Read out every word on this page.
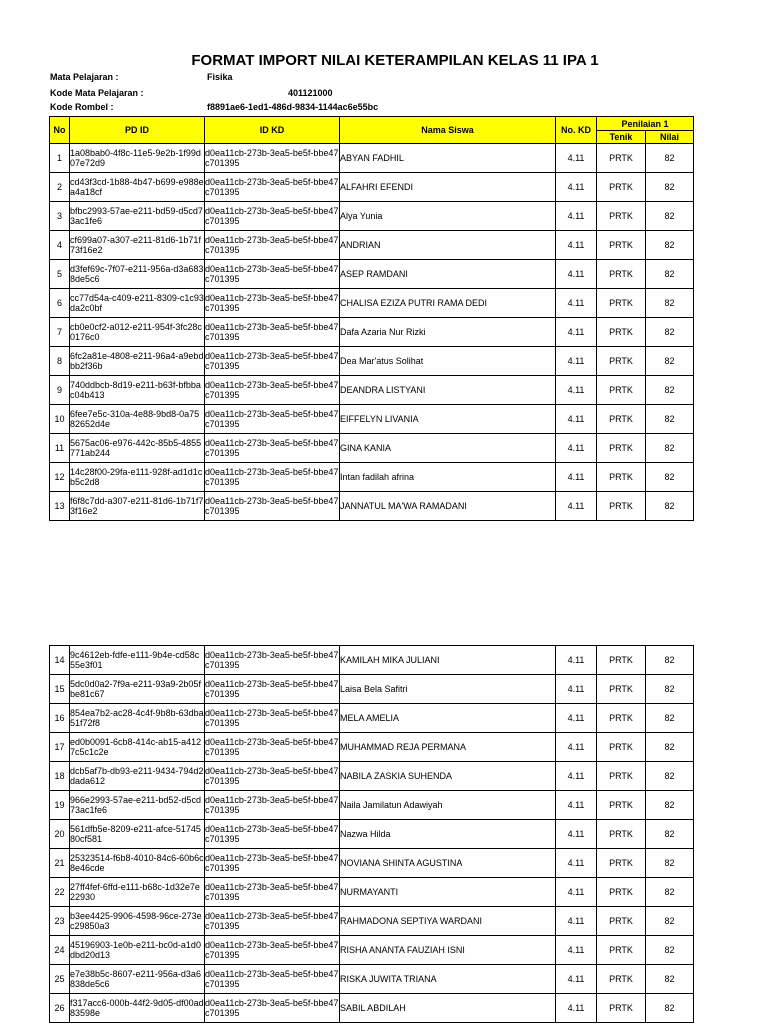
FORMAT IMPORT NILAI KETERAMPILAN KELAS 11 IPA 1
Mata Pelajaran :	Fisika
Kode Mata Pelajaran :	401121000
Kode Rombel :	f8891ae6-1ed1-486d-9834-1144ac6e55bc
No	PD ID	ID KD	Nama Siswa	No. KD	Penilaian 1	
					Tenik	Nilai
1	1a08bab0-4f8c-11e5-9e2b-1f99d07e72d9	d0ea11cb-273b-3ea5-be5f-bbe47c701395	ABYAN FADHIL	4.11	PRTK	82
2	cd43f3cd-1b88-4b47-b699-e988ea4a18cf	d0ea11cb-273b-3ea5-be5f-bbe47c701395	ALFAHRI EFENDI	4.11	PRTK	82
3	bfbc2993-57ae-e211-bd59-d5cd73ac1fe6	d0ea11cb-273b-3ea5-be5f-bbe47c701395	Alya Yunia	4.11	PRTK	82
4	cf699a07-a307-e211-81d6-1b71f73f16e2	d0ea11cb-273b-3ea5-be5f-bbe47c701395	ANDRIAN	4.11	PRTK	82
5	d3fef69c-7f07-e211-956a-d3a6838de5c6	d0ea11cb-273b-3ea5-be5f-bbe47c701395	ASEP RAMDANI	4.11	PRTK	82
6	cc77d54a-c409-e211-8309-c1c93da2c0bf	d0ea11cb-273b-3ea5-be5f-bbe47c701395	CHALISA EZIZA PUTRI RAMA DEDI	4.11	PRTK	82
7	cb0e0cf2-a012-e211-954f-3fc28c0176c0	d0ea11cb-273b-3ea5-be5f-bbe47c701395	Dafa Azaria Nur Rizki	4.11	PRTK	82
8	6fc2a81e-4808-e211-96a4-a9ebdbb2f36b	d0ea11cb-273b-3ea5-be5f-bbe47c701395	Dea Mar'atus Solihat	4.11	PRTK	82
9	740ddbcb-8d19-e211-b63f-bfbbac04b413	d0ea11cb-273b-3ea5-be5f-bbe47c701395	DEANDRA LISTYANI	4.11	PRTK	82
10	6fee7e5c-310a-4e88-9bd8-0a7582652d4e	d0ea11cb-273b-3ea5-be5f-bbe47c701395	EIFFELYN LIVANIA	4.11	PRTK	82
11	5675ac06-e976-442c-85b5-4855771ab244	d0ea11cb-273b-3ea5-be5f-bbe47c701395	GINA KANIA	4.11	PRTK	82
12	14c28f00-29fa-e111-928f-ad1d1cb5c2d8	d0ea11cb-273b-3ea5-be5f-bbe47c701395	Intan fadilah afrina	4.11	PRTK	82
13	f6f8c7dd-a307-e211-81d6-1b71f73f16e2	d0ea11cb-273b-3ea5-be5f-bbe47c701395	JANNATUL MA'WA RAMADANI	4.11	PRTK	82
14	9c4612eb-fdfe-e111-9b4e-cd58c55e3f01	d0ea11cb-273b-3ea5-be5f-bbe47c701395	KAMILAH MIKA JULIANI	4.11	PRTK	82
15	5dc0d0a2-7f9a-e211-93a9-2b05fbe81c67	d0ea11cb-273b-3ea5-be5f-bbe47c701395	Laisa Bela Safitri	4.11	PRTK	82
16	854ea7b2-ac28-4c4f-9b8b-63dba51f72f8	d0ea11cb-273b-3ea5-be5f-bbe47c701395	MELA AMELIA	4.11	PRTK	82
17	ed0b0091-6cb8-414c-ab15-a4127c5c1c2e	d0ea11cb-273b-3ea5-be5f-bbe47c701395	MUHAMMAD REJA PERMANA	4.11	PRTK	82
18	dcb5af7b-db93-e211-9434-794d2dada612	d0ea11cb-273b-3ea5-be5f-bbe47c701395	NABILA ZASKIA SUHENDA	4.11	PRTK	82
19	966e2993-57ae-e211-bd52-d5cd73ac1fe6	d0ea11cb-273b-3ea5-be5f-bbe47c701395	Naila Jamilatun Adawiyah	4.11	PRTK	82
20	561dfb5e-8209-e211-afce-5174580cf581	d0ea11cb-273b-3ea5-be5f-bbe47c701395	Nazwa Hilda	4.11	PRTK	82
21	25323514-f6b8-4010-84c6-60b6c8e46cde	d0ea11cb-273b-3ea5-be5f-bbe47c701395	NOVIANA SHINTA AGUSTINA	4.11	PRTK	82
22	27ff4fef-6ffd-e111-b68c-1d32e7e22930	d0ea11cb-273b-3ea5-be5f-bbe47c701395	NURMAYANTI	4.11	PRTK	82
23	b3ee4425-9906-4598-96ce-273ec29850a3	d0ea11cb-273b-3ea5-be5f-bbe47c701395	RAHMADONA SEPTIYA WARDANI	4.11	PRTK	82
24	45196903-1e0b-e211-bc0d-a1d0dbd20d13	d0ea11cb-273b-3ea5-be5f-bbe47c701395	RISHA ANANTA FAUZIAH ISNI	4.11	PRTK	82
25	e7e38b5c-8607-e211-956a-d3a6838de5c6	d0ea11cb-273b-3ea5-be5f-bbe47c701395	RISKA JUWITA TRIANA	4.11	PRTK	82
26	f317acc6-000b-44f2-9d05-df00ad83598e	d0ea11cb-273b-3ea5-be5f-bbe47c701395	SABIL ABDILAH	4.11	PRTK	82
